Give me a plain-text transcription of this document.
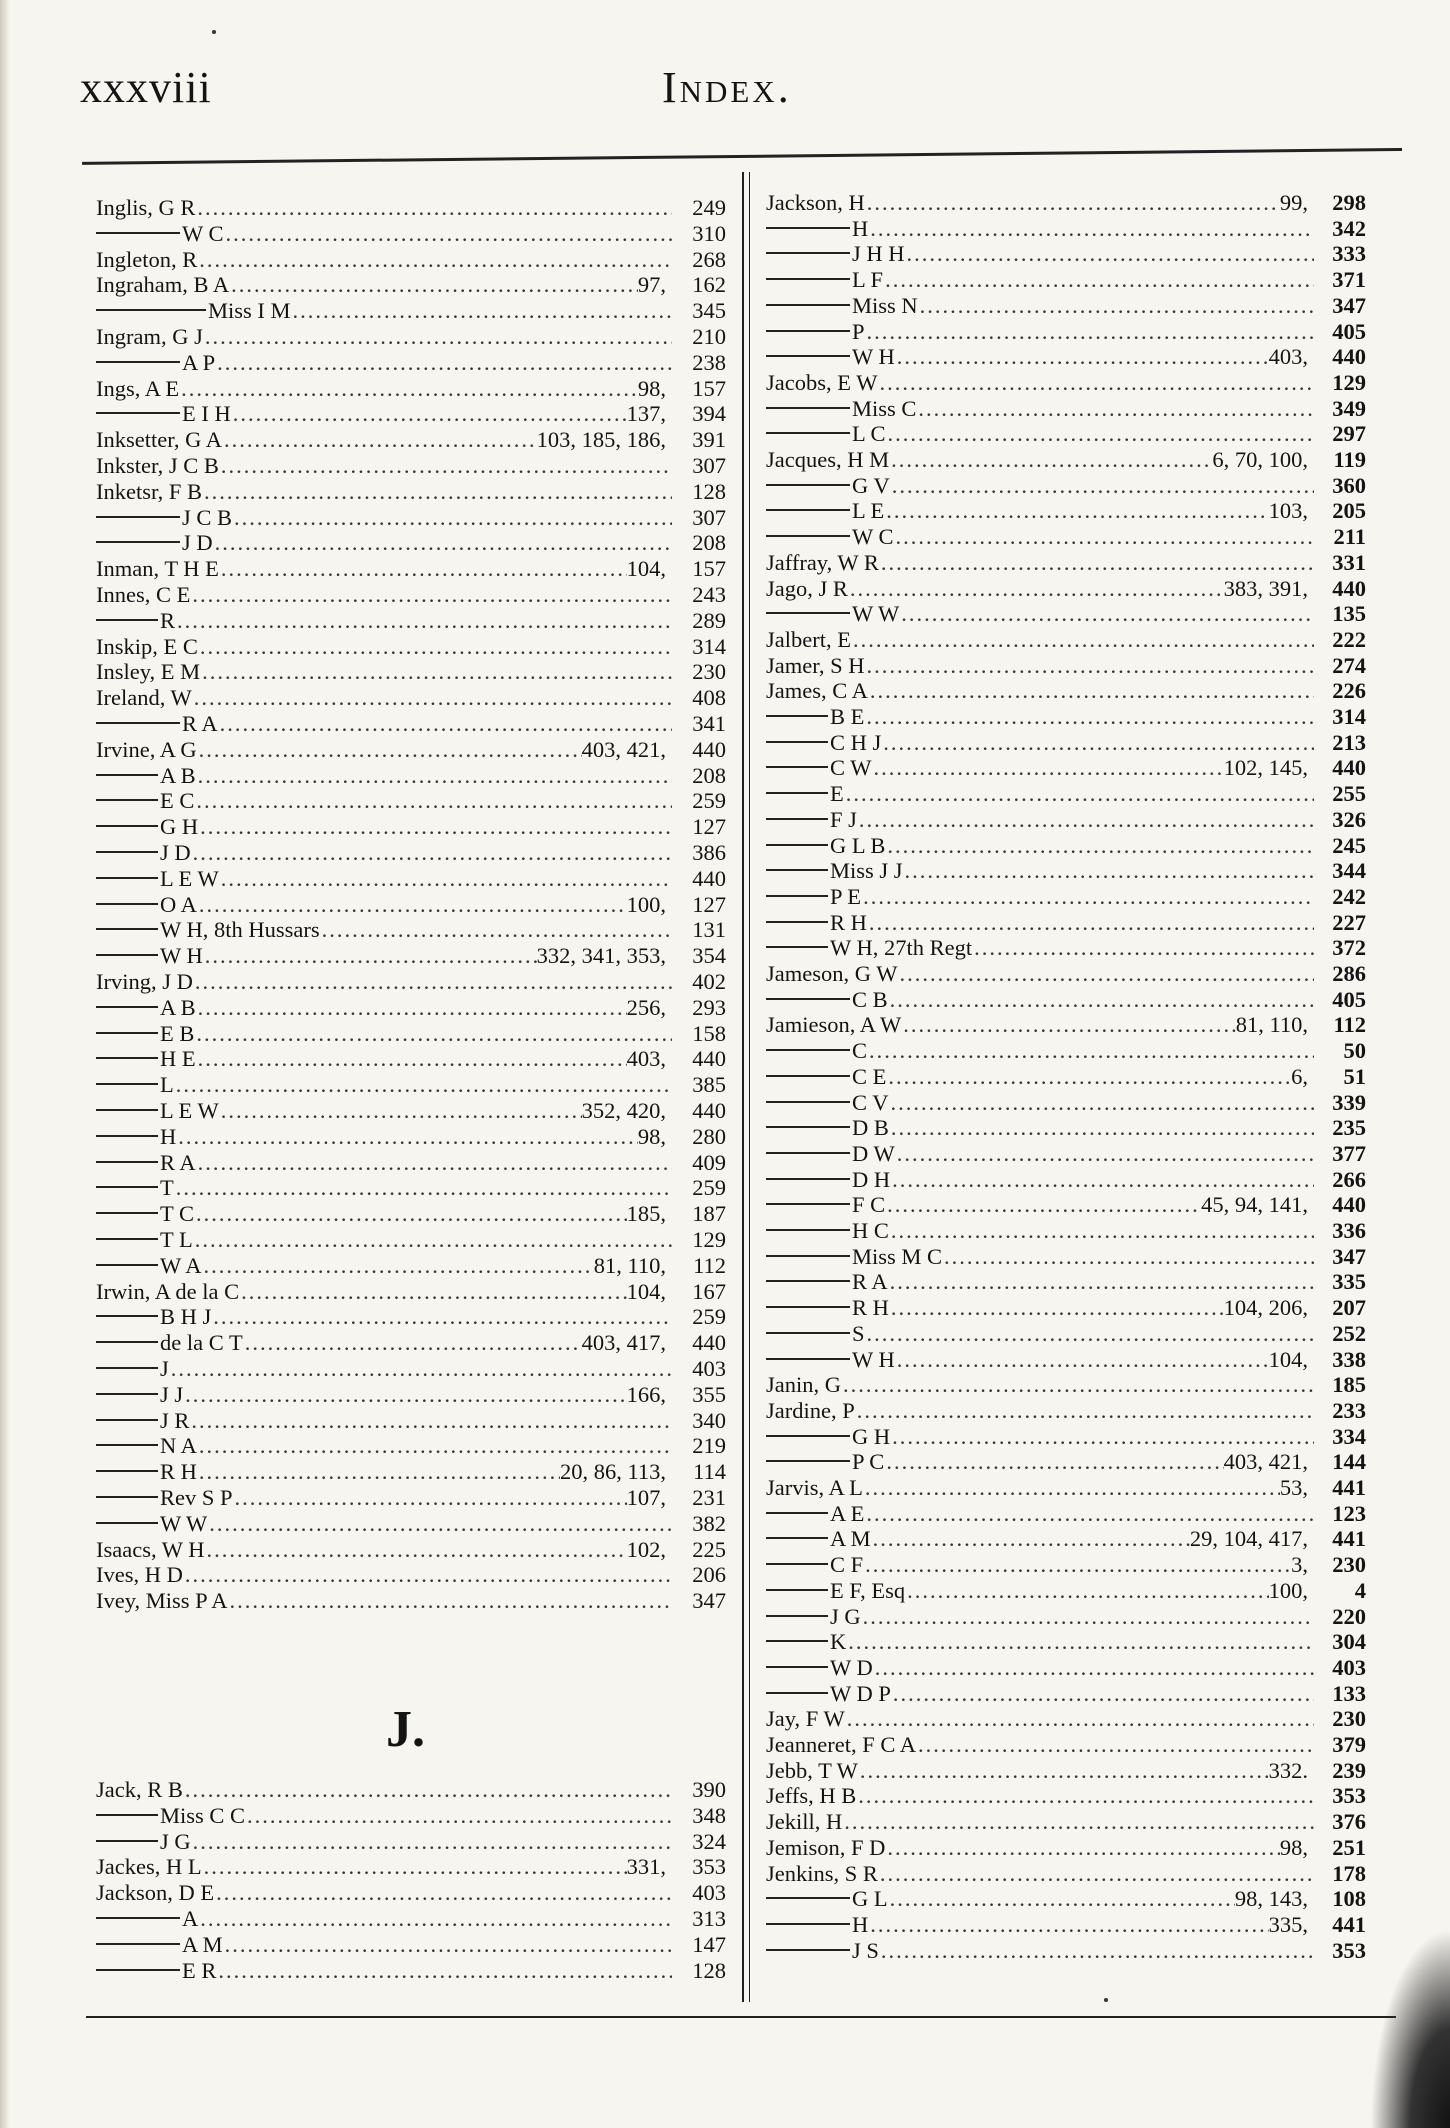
xxxviii	Index.
Inglis, G R .....	249
W C .....	310
Ingleton, R .....	268
Ingraham, B A .....	97,	162
Miss I M .....	345
Ingram, G J .....	210
A P .....	238
Ings, A E .....	98,	157
E I H .....	137,	394
Inksetter, G A .....	103, 185, 186,	391
Inkster, J C B .....	307
Inketsr, F B .....	128
J C B .....	307
J D .....	208
Inman, T H E .....	104,	157
Innes, C E .....	243
R .....	289
Inskip, E C .....	314
Insley, E M .....	230
Ireland, W .....	408
R A .....	341
Irvine, A G .....	403, 421,	440
A B .....	208
E C .....	259
G H .....	127
J D .....	386
L E W .....	440
O A .....	100,	127
W H, 8th Hussars .....	131
W H .....	332, 341, 353,	354
Irving, J D .....	402
A B .....	256,	293
E B .....	158
H E .....	403,	440
L .....	385
L E W .....	352, 420,	440
H .....	98,	280
R A .....	409
T .....	259
T C .....	185,	187
T L .....	129
W A .....	81, 110,	112
Irwin, A de la C .....	104,	167
B H J .....	259
de la C T .....	403, 417,	440
J .....	403
J J .....	166,	355
J R .....	340
N A .....	219
R H .....	20, 86, 113,	114
Rev S P .....	107,	231
W W .....	382
Isaacs, W H .....	102,	225
Ives, H D .....	206
Ivey, Miss P A .....	347
J.
Jack, R B .....	390
Miss C C .....	348
J G .....	324
Jackes, H L .....	331,	353
Jackson, D E .....	403
A .....	313
A M .....	147
E R .....	128
Jackson, H .....	99,	298
H .....	342
J H H .....	333
L F .....	371
Miss N .....	347
P .....	405
W H .....	403,	440
Jacobs, E W .....	129
Miss C .....	349
L C .....	297
Jacques, H M .....	6, 70, 100,	119
G V .....	360
L E .....	103,	205
W C .....	211
Jaffray, W R .....	331
Jago, J R .....	383, 391,	440
W W .....	135
Jalbert, E .....	222
Jamer, S H .....	274
James, C A .....	226
B E .....	314
C H J .....	213
C W .....	102, 145,	440
E .....	255
F J .....	326
G L B .....	245
Miss J J .....	344
P E .....	242
R H .....	227
W H, 27th Regt .....	372
Jameson, G W .....	286
C B .....	405
Jamieson, A W .....	81, 110,	112
C .....	50
C E .....	6,	51
C V .....	339
D B .....	235
D W .....	377
D H .....	266
F C .....	45, 94, 141,	440
H C .....	336
Miss M C .....	347
R A .....	335
R H .....	104, 206,	207
S .....	252
W H .....	104,	338
Janin, G .....	185
Jardine, P .....	233
G H .....	334
P C .....	403, 421,	144
Jarvis, A L .....	53,	441
A E .....	123
A M .....	29, 104, 417,	441
C F .....	3,	230
E F, Esq .....	100,	4
J G .....	220
K .....	304
W D .....	403
W D P .....	133
Jay, F W .....	230
Jeanneret, F C A .....	379
Jebb, T W .....	332.	239
Jeffs, H B .....	353
Jekill, H .....	376
Jemison, F D .....	98,	251
Jenkins, S R .....	178
G L .....	98, 143,	108
H .....	335,	441
J S .....	353
